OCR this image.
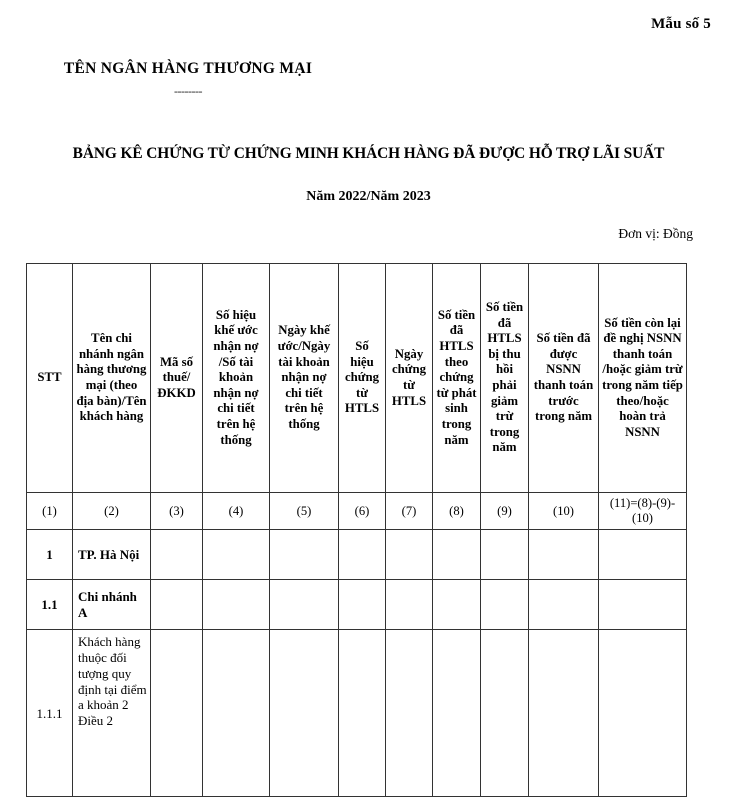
Mẫu số 5
TÊN NGÂN HÀNG THƯƠNG MẠI
--------
BẢNG KÊ CHỨNG TỪ CHỨNG MINH KHÁCH HÀNG ĐÃ ĐƯỢC HỖ TRỢ LÃI SUẤT
Năm 2022/Năm 2023
Đơn vị: Đồng
STT	Tên chi nhánh ngân hàng thương mại (theo địa bàn)/Tên khách hàng	Mã số thuế/ĐKKD	Số hiệu khế ước nhận nợ /Số tài khoản nhận nợ chi tiết trên hệ thống	Ngày khế ước/Ngày tài khoản nhận nợ chi tiết trên hệ thống	Số hiệu chứng từ HTLS	Ngày chứng từ HTLS	Số tiền đã HTLS theo chứng từ phát sinh trong năm	Số tiền đã HTLS bị thu hồi phải giảm trừ trong năm	Số tiền đã được NSNN thanh toán trước trong năm	Số tiền còn lại đề nghị NSNN thanh toán /hoặc giảm trừ trong năm tiếp theo/hoặc hoàn trả NSNN
(1)	(2)	(3)	(4)	(5)	(6)	(7)	(8)	(9)	(10)	(11)=(8)-(9)-(10)
1	TP. Hà Nội									
1.1	Chi nhánh A									
1.1.1	Khách hàng thuộc đối tượng quy định tại điểm a khoản 2 Điều 2									
